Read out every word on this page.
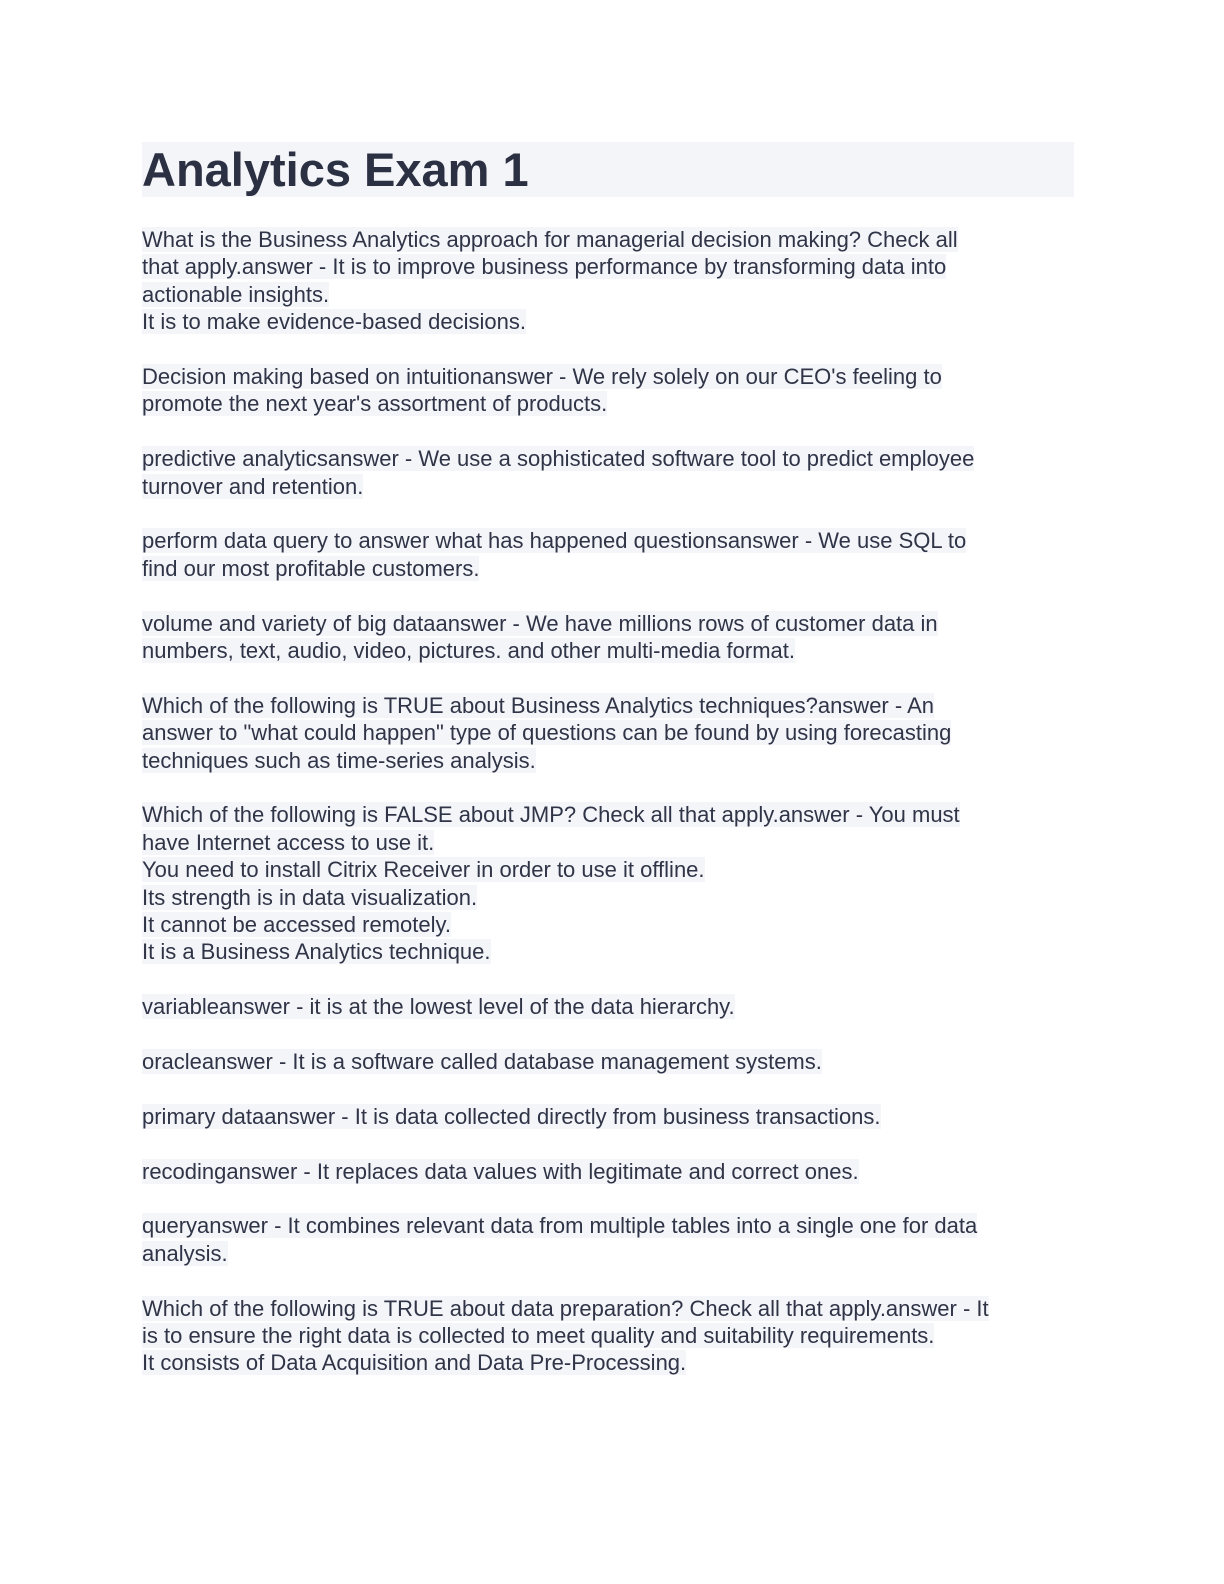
Analytics Exam 1
What is the Business Analytics approach for managerial decision making? Check all
that apply.answer - It is to improve business performance by transforming data into
actionable insights.
It is to make evidence-based decisions.
Decision making based on intuitionanswer - We rely solely on our CEO's feeling to
promote the next year's assortment of products.
predictive analyticsanswer - We use a sophisticated software tool to predict employee
turnover and retention.
perform data query to answer what has happened questionsanswer - We use SQL to
find our most profitable customers.
volume and variety of big dataanswer - We have millions rows of customer data in
numbers, text, audio, video, pictures. and other multi-media format.
Which of the following is TRUE about Business Analytics techniques?answer - An
answer to "what could happen" type of questions can be found by using forecasting
techniques such as time-series analysis.
Which of the following is FALSE about JMP? Check all that apply.answer - You must
have Internet access to use it.
You need to install Citrix Receiver in order to use it offline.
Its strength is in data visualization.
It cannot be accessed remotely.
It is a Business Analytics technique.
variableanswer - it is at the lowest level of the data hierarchy.
oracleanswer - It is a software called database management systems.
primary dataanswer - It is data collected directly from business transactions.
recodinganswer - It replaces data values with legitimate and correct ones.
queryanswer - It combines relevant data from multiple tables into a single one for data
analysis.
Which of the following is TRUE about data preparation? Check all that apply.answer - It
is to ensure the right data is collected to meet quality and suitability requirements.
It consists of Data Acquisition and Data Pre-Processing.
